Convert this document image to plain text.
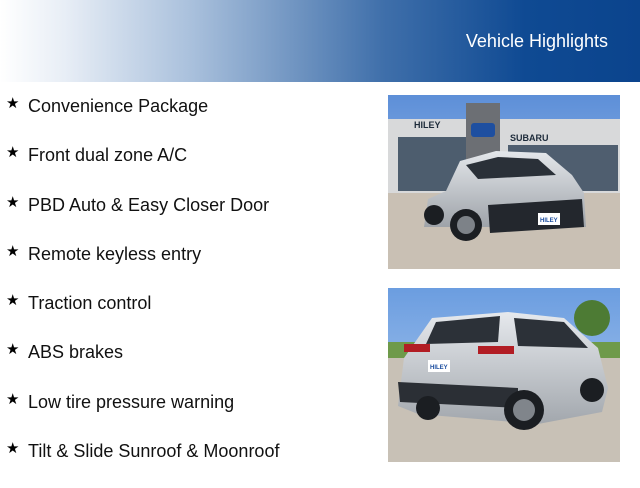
Vehicle Highlights
★ Convenience Package
★ Front dual zone A/C
★ PBD Auto & Easy Closer Door
★ Remote keyless entry
★ Traction control
★ ABS brakes
★ Low tire pressure warning
★ Tilt & Slide Sunroof & Moonroof
HILEY
SUBARU
HILEY
HILEY
